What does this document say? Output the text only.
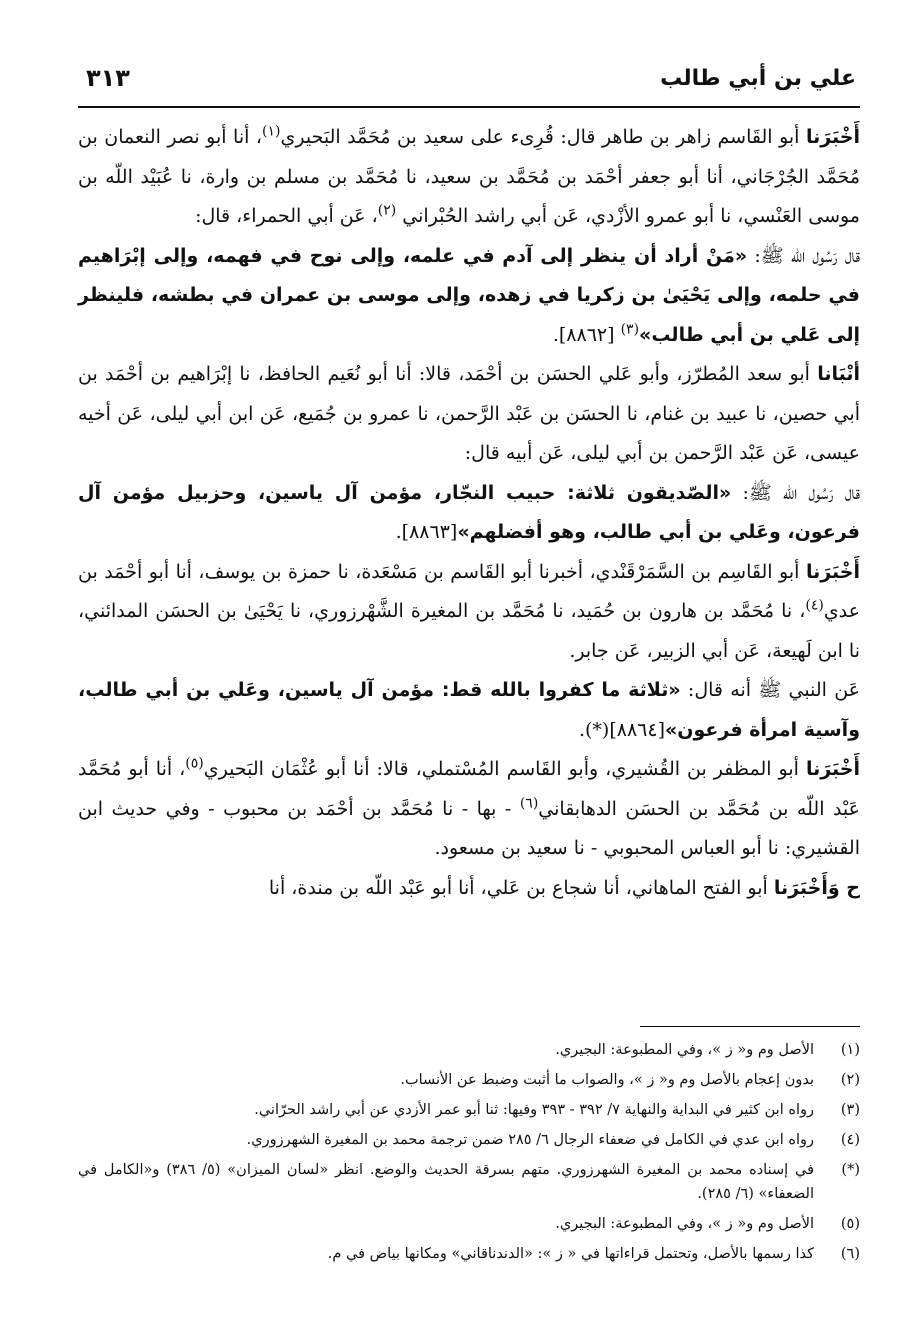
٣١٣	علي بن أبي طالب

أَخْبَرَنا أبو القَاسم زاهر بن طاهر قال: قُرِىء على سعيد بن مُحَمَّد البَحيري$^{(١)}$، أنا أبو نصر النعمان بن مُحَمَّد الجُرْجَاني، أنا أبو جعفر أحْمَد بن مُحَمَّد بن سعيد، نا مُحَمَّد بن مسلم بن وارة، نا عُبَيْد اللّه بن موسى العَنْسي، نا أبو عمرو الأزْدي، عَن أبي راشد الحُبْراني $^{(٢)}$، عَن أبي الحمراء، قال:

قال رَسُول الله ﷺ: «مَنْ أراد أن ينظر إلى آدم في علمه، وإلى نوح في فهمه، وإلى إبْرَاهيم في حلمه، وإلى يَحْيَىٰ بن زكريا في زهده، وإلى موسى بن عمران في بطشه، فلينظر إلى عَلي بن أبي طالب»$^{(٣)}$ [٨٨٦٢].

أنْبَانا أبو سعد المُطرّز، وأبو عَلي الحسَن بن أحْمَد، قالا: أنا أبو نُعَيم الحافظ، نا إبْرَاهيم بن أحْمَد بن أبي حصين، نا عبيد بن غنام، نا الحسَن بن عَبْد الرَّحمن، نا عمرو بن جُمَيع، عَن ابن أبي ليلى، عَن أخيه عيسى، عَن عَبْد الرَّحمن بن أبي ليلى، عَن أبيه قال:

قال رَسُول الله ﷺ: «الصّديقون ثلاثة: حبيب النجّار، مؤمن آل ياسين، وحزبيل مؤمن آل فرعون، وعَلي بن أبي طالب، وهو أفضلهم»[٨٨٦٣].

أَخْبَرَنا أبو القَاسِم بن السَّمَرْقَنْدي، أخبرنا أبو القَاسم بن مَسْعَدة، نا حمزة بن يوسف، أنا أبو أحْمَد بن عدي$^{(٤)}$، نا مُحَمَّد بن هارون بن حُمَيد، نا مُحَمَّد بن المغيرة الشَّهْرزوري، نا يَحْيَىٰ بن الحسَن المدائني، نا ابن لَهيعة، عَن أبي الزبير، عَن جابر.

عَن النبي ﷺ أنه قال: «ثلاثة ما كفروا بالله قط: مؤمن آل ياسين، وعَلي بن أبي طالب، وآسية امرأة فرعون»[٨٨٦٤](*).

أَخْبَرَنا أبو المظفر بن القُشيري، وأبو القَاسم المُسْتملي، قالا: أنا أبو عُثْمَان البَحيري$^{(٥)}$، أنا أبو مُحَمَّد عَبْد اللّه بن مُحَمَّد بن الحسَن الدهابقاني$^{(٦)}$ - بها - نا مُحَمَّد بن أحْمَد بن محبوب - وفي حديث ابن القشيري: نا أبو العباس المحبوبي - نا سعيد بن مسعود.

ح وَأَخْبَرَنا أبو الفتح الماهاني، أنا شجاع بن عَلي، أنا أبو عَبْد اللّه بن مندة، أنا

(١)
الأصل وم و« ز »، وفي المطبوعة: البجيري.
(٢)
بدون إعجام بالأصل وم و« ز »، والصواب ما أثبت وضبط عن الأنساب.
(٣)
رواه ابن كثير في البداية والنهاية ٧/ ٣٩٢ - ٣٩٣ وفيها: ثنا أبو عمر الأزدي عن أبي راشد الحرّاني.
(٤)
رواه ابن عدي في الكامل في ضعفاء الرجال ٦/ ٢٨٥ ضمن ترجمة محمد بن المغيرة الشهرزوري.
(*)
في إسناده محمد بن المغيرة الشهرزوري. متهم بسرقة الحديث والوضع. انظر «لسان الميزان» (٥/ ٣٨٦) و«الكامل في الضعفاء» (٦/ ٢٨٥).
(٥)
الأصل وم و« ز »، وفي المطبوعة: البجيري.
(٦)
كذا رسمها بالأصل، وتحتمل قراءاتها في « ز »: «الدندناقاني» ومكانها بياض في م.
